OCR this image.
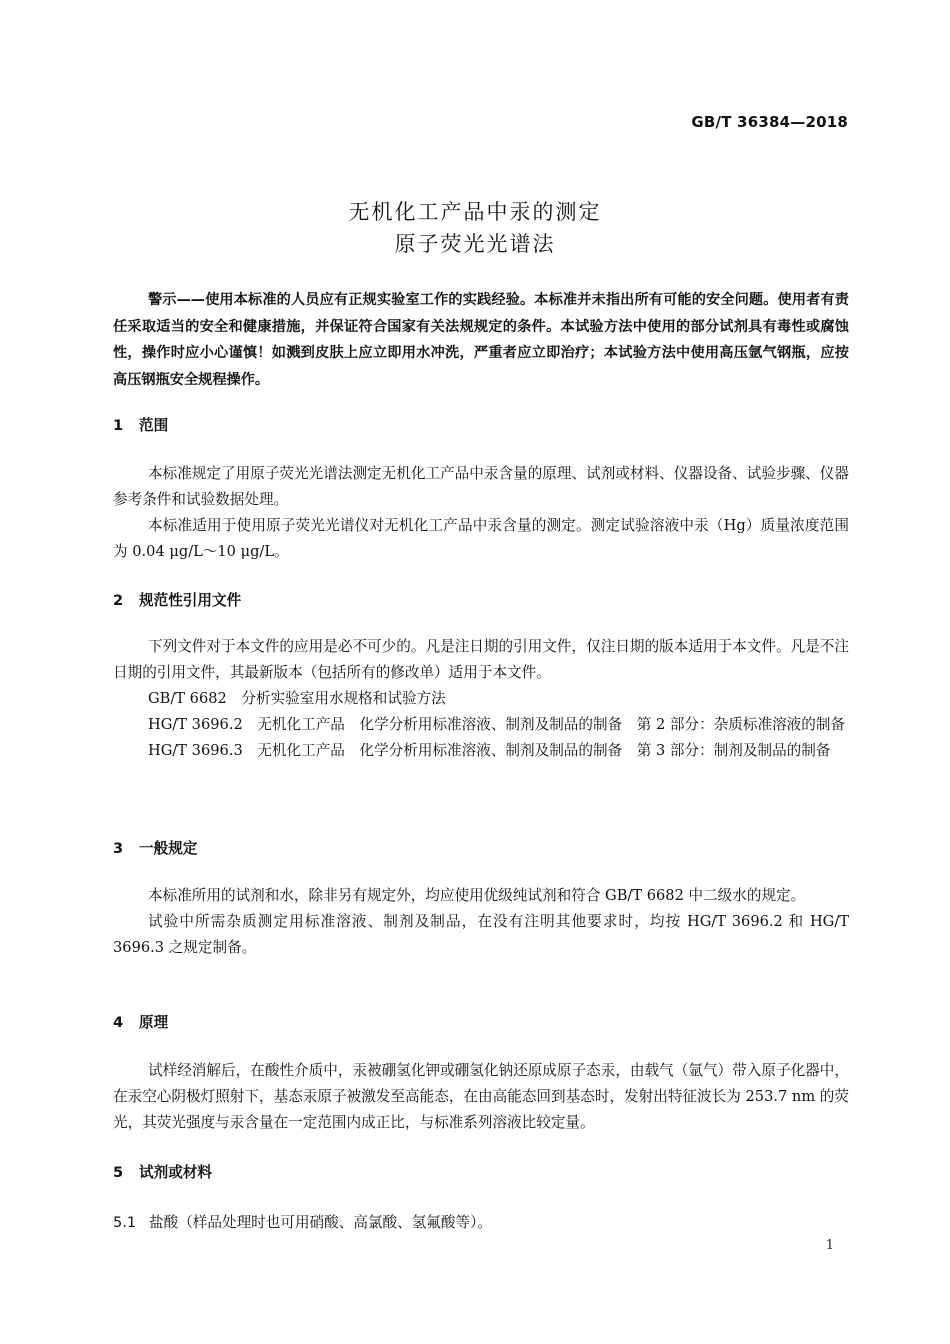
GB/T 36384—2018
无机化工产品中汞的测定
原子荧光光谱法
警示——使用本标准的人员应有正规实验室工作的实践经验。本标准并未指出所有可能的安全问题。使用者有责任采取适当的安全和健康措施，并保证符合国家有关法规规定的条件。本试验方法中使用的部分试剂具有毒性或腐蚀性，操作时应小心谨慎！如溅到皮肤上应立即用水冲洗，严重者应立即治疗；本试验方法中使用高压氩气钢瓶，应按高压钢瓶安全规程操作。
1 范围

本标准规定了用原子荧光光谱法测定无机化工产品中汞含量的原理、试剂或材料、仪器设备、试验步骤、仪器参考条件和试验数据处理。

本标准适用于使用原子荧光光谱仪对无机化工产品中汞含量的测定。测定试验溶液中汞（Hg）质量浓度范围为 0.04 μg/L～10 μg/L。

2 规范性引用文件

下列文件对于本文件的应用是必不可少的。凡是注日期的引用文件，仅注日期的版本适用于本文件。凡是不注日期的引用文件，其最新版本（包括所有的修改单）适用于本文件。

GB/T 6682　分析实验室用水规格和试验方法

HG/T 3696.2　无机化工产品　化学分析用标准溶液、制剂及制品的制备　第 2 部分：杂质标准溶液的制备

HG/T 3696.3　无机化工产品　化学分析用标准溶液、制剂及制品的制备　第 3 部分：制剂及制品的制备

3 一般规定

本标准所用的试剂和水，除非另有规定外，均应使用优级纯试剂和符合 GB/T 6682 中二级水的规定。

试验中所需杂质测定用标准溶液、制剂及制品，在没有注明其他要求时，均按 HG/T 3696.2 和 HG/T 3696.3 之规定制备。

4 原理

试样经消解后，在酸性介质中，汞被硼氢化钾或硼氢化钠还原成原子态汞，由载气（氩气）带入原子化器中，在汞空心阴极灯照射下，基态汞原子被激发至高能态，在由高能态回到基态时，发射出特征波长为 253.7 nm 的荧光，其荧光强度与汞含量在一定范围内成正比，与标准系列溶液比较定量。

5 试剂或材料
5.1 盐酸（样品处理时也可用硝酸、高氯酸、氢氟酸等）。
1
